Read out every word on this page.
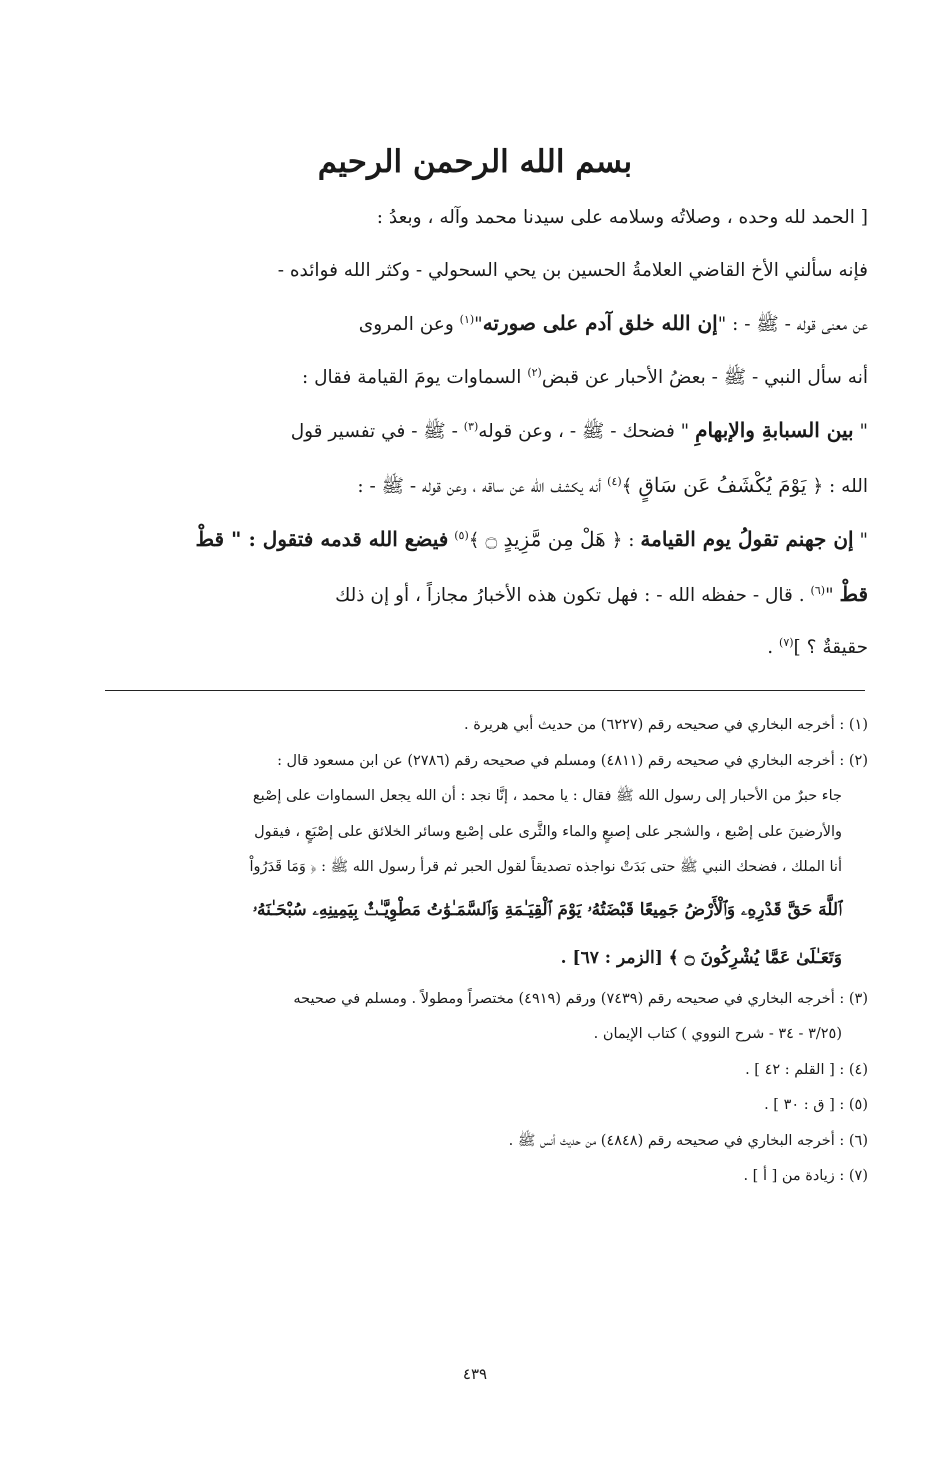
بسم الله الرحمن الرحيم

[ الحمد لله وحده ، وصلاتُه وسلامه على سيدنا محمد وآله ، وبعدُ :

فإنه سألني الأخ القاضي العلامةُ الحسين بن يحي السحولي - وكثر الله فوائده -

عن معنى قوله - ﷺ - : "إن الله خلق آدم على صورته"$^{(١)}$ وعن المروى

أنه سأل النبي - ﷺ - بعضُ الأحبار عن قبض$^{(٢)}$ السماوات يومَ القيامة فقال :

" بين السبابةِ والإبهامِ " فضحك - ﷺ - ، وعن قوله$^{(٣)}$ - ﷺ - في تفسير قول

الله : ﴿ يَوْمَ يُكْشَفُ عَن سَاقٍ ﴾$^{(٤)}$ أنه يكشف الله عن ساقه ، وعن قوله - ﷺ - :

" إن جهنم تقولُ يوم القيامة : ﴿ هَلْ مِن مَّزِيدٍ ۝ ﴾$^{(٥)}$ فيضع الله قدمه فتقول : " قطْ

قطْ "$^{(٦)}$ . قال - حفظه الله - : فهل تكون هذه الأخبارُ مجازاً ، أو إن ذلك

حقيقةٌ ؟ ]$^{(٧)}$ .

(١) : أخرجه البخاري في صحيحه رقم (٦٢٢٧) من حديث أبي هريرة .

(٢) : أخرجه البخاري في صحيحه رقم (٤٨١١) ومسلم في صحيحه رقم (٢٧٨٦) عن ابن مسعود قال :

جاء حبرٌ من الأحبار إلى رسول الله ﷺ فقال : يا محمد ، إنَّا نجد : أن الله يجعل السماوات على إصْبع

والأرضينَ على إصْبع ، والشجر على إصبعٍ والماء والثَّرى على إصْبع وسائر الخلائق على إصْبَعٍ ، فيقول

أنا الملك ، فضحك النبي ﷺ حتى بَدَتْ نواجذه تصديقاً لقول الحبر ثم قرأ رسول الله ﷺ : ﴿ وَمَا قَدَرُواْ

ٱللَّهَ حَقَّ قَدْرِهِۦ وَٱلْأَرْضُ جَمِيعًا قَبْضَتُهُۥ يَوْمَ ٱلْقِيَـٰمَةِ وَٱلسَّمَـٰوَٰتُ مَطْوِيَّـٰتٌۢ بِيَمِينِهِۦ سُبْحَـٰنَهُۥ

وَتَعَـٰلَىٰ عَمَّا يُشْرِكُونَ ۝ ﴾ [الزمر : ٦٧] .

(٣) : أخرجه البخاري في صحيحه رقم (٧٤٣٩) ورقم (٤٩١٩) مختصراً ومطولاً . ومسلم في صحيحه

(٣/٢٥ - ٣٤ - شرح النووي ) كتاب الإيمان .

(٤) : [ القلم : ٤٢ ] .

(٥) : [ ق : ٣٠ ] .

(٦) : أخرجه البخاري في صحيحه رقم (٤٨٤٨) من حديث أنس ﷺ .

(٧) : زيادة من [ أ ] .

٤٣٩
